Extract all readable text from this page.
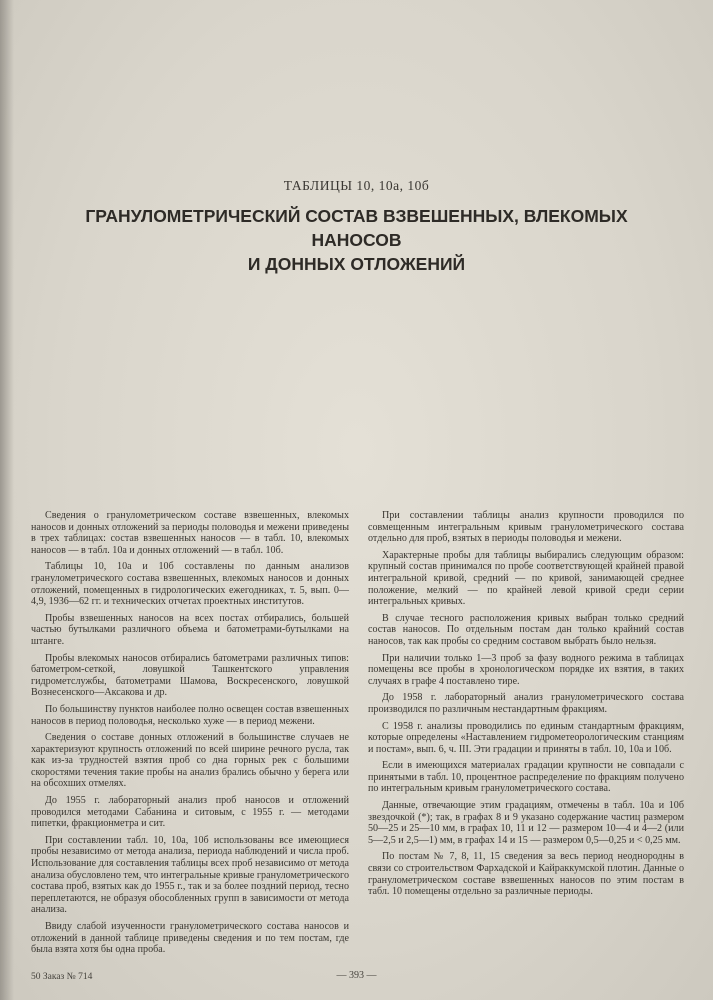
ТАБЛИЦЫ 10, 10а, 10б
ГРАНУЛОМЕТРИЧЕСКИЙ СОСТАВ ВЗВЕШЕННЫХ, ВЛЕКОМЫХ НАНОСОВ
И ДОННЫХ ОТЛОЖЕНИЙ

Сведения о гранулометрическом составе взвешенных, влекомых наносов и донных отложений за периоды половодья и межени приведены в трех таблицах: состав взвешенных наносов — в табл. 10, влекомых наносов — в табл. 10а и донных отложений — в табл. 10б.

Таблицы 10, 10а и 10б составлены по данным анализов гранулометрического состава взвешенных, влекомых наносов и донных отложений, помещенных в гидрологических ежегодниках, т. 5, вып. 0—4,9, 1936—62 гг. и технических отчетах проектных институтов.

Пробы взвешенных наносов на всех постах отбирались, большей частью бутылками различного объема и батометрами-бутылками на штанге.

Пробы влекомых наносов отбирались батометрами различных типов: батометром-сеткой, ловушкой Ташкентского управления гидрометслужбы, батометрами Шамова, Воскресенского, ловушкой Вознесенского—Аксакова и др.

По большинству пунктов наиболее полно освещен состав взвешенных наносов в период половодья, несколько хуже — в период межени.

Сведения о составе донных отложений в большинстве случаев не характеризуют крупность отложений по всей ширине речного русла, так как из-за трудностей взятия проб со дна горных рек с большими скоростями течения такие пробы на анализ брались обычно у берега или на обсохших отмелях.

До 1955 г. лабораторный анализ проб наносов и отложений проводился методами Сабанина и ситовым, с 1955 г. — методами пипетки, фракционметра и сит.

При составлении табл. 10, 10а, 10б использованы все имеющиеся пробы независимо от метода анализа, периода наблюдений и числа проб. Использование для составления таблицы всех проб независимо от метода анализа обусловлено тем, что интегральные кривые гранулометрического состава проб, взятых как до 1955 г., так и за более поздний период, тесно переплетаются, не образуя обособленных групп в зависимости от метода анализа.

Ввиду слабой изученности гранулометрического состава наносов и отложений в данной таблице приведены сведения и по тем постам, где была взята хотя бы одна проба.

При составлении таблицы анализ крупности проводился по совмещенным интегральным кривым гранулометрического состава отдельно для проб, взятых в периоды половодья и межени.

Характерные пробы для таблицы выбирались следующим образом: крупный состав принимался по пробе соответствующей крайней правой интегральной кривой, средний — по кривой, занимающей среднее положение, мелкий — по крайней левой кривой среди серии интегральных кривых.

В случае тесного расположения кривых выбран только средний состав наносов. По отдельным постам дан только крайний состав наносов, так как пробы со средним составом выбрать было нельзя.

При наличии только 1—3 проб за фазу водного режима в таблицах помещены все пробы в хронологическом порядке их взятия, в таких случаях в графе 4 поставлено тире.

До 1958 г. лабораторный анализ гранулометрического состава производился по различным нестандартным фракциям.

С 1958 г. анализы проводились по единым стандартным фракциям, которые определены «Наставлением гидрометеорологическим станциям и постам», вып. 6, ч. III. Эти градации и приняты в табл. 10, 10а и 10б.

Если в имеющихся материалах градации крупности не совпадали с принятыми в табл. 10, процентное распределение по фракциям получено по интегральным кривым гранулометрического состава.

Данные, отвечающие этим градациям, отмечены в табл. 10а и 10б звездочкой (*); так, в графах 8 и 9 указано содержание частиц размером 50—25 и 25—10 мм, в графах 10, 11 и 12 — размером 10—4 и 4—2 (или 5—2,5 и 2,5—1) мм, в графах 14 и 15 — размером 0,5—0,25 и < 0,25 мм.

По постам № 7, 8, 11, 15 сведения за весь период неоднородны в связи со строительством Фархадской и Кайраккумской плотин. Данные о гранулометрическом составе взвешенных наносов по этим постам в табл. 10 помещены отдельно за различные периоды.

50 Заказ № 714	— 393 —
